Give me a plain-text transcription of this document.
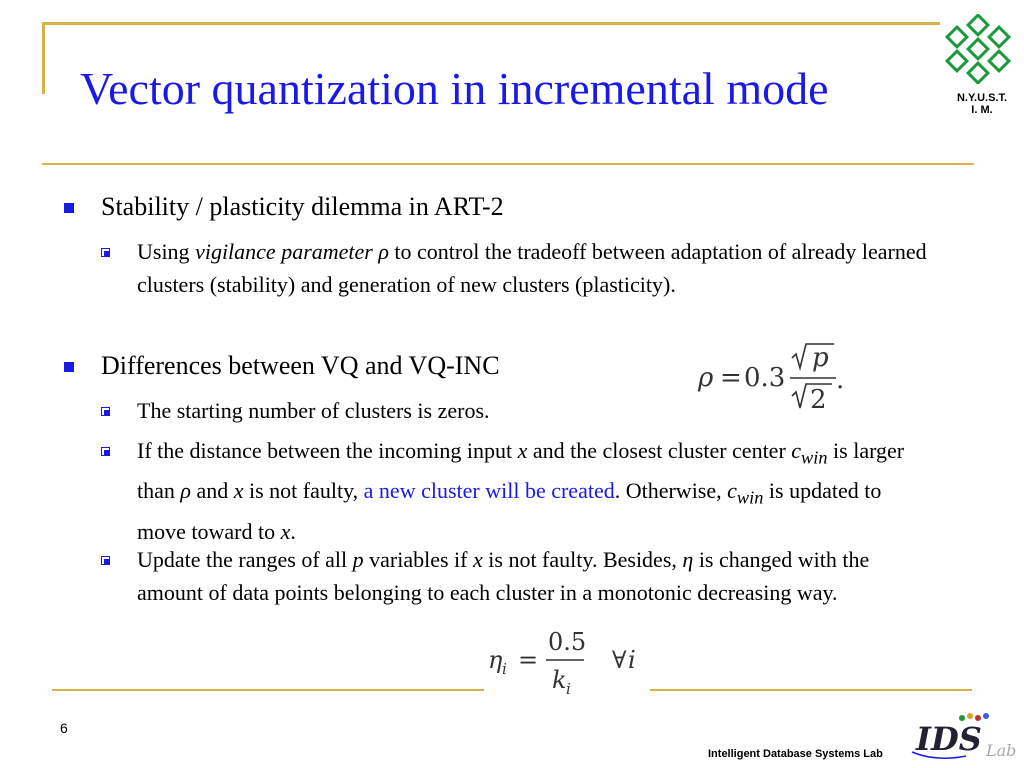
Vector quantization in incremental mode	N.Y.U.S.T.
I. M.
Stability / plasticity dilemma in ART-2
Using vigilance parameter ρ to control the tradeoff between adaptation of already learned clusters (stability) and generation of new clusters (plasticity).
Differences between VQ and VQ-INC	ρ = 0.3
p
2
.
The starting number of clusters is zeros.
If the distance between the incoming input x and the closest cluster center $c_{win}$ is larger than ρ and x is not faulty, a new cluster will be created. Otherwise, $c_{win}$ is updated to move toward to x.
Update the ranges of all p variables if x is not faulty. Besides, η is changed with the amount of data points belonging to each cluster in a monotonic decreasing way.
η i =
0.5
k i
∀ i
6
Intelligent Database Systems Lab IDS Lab
